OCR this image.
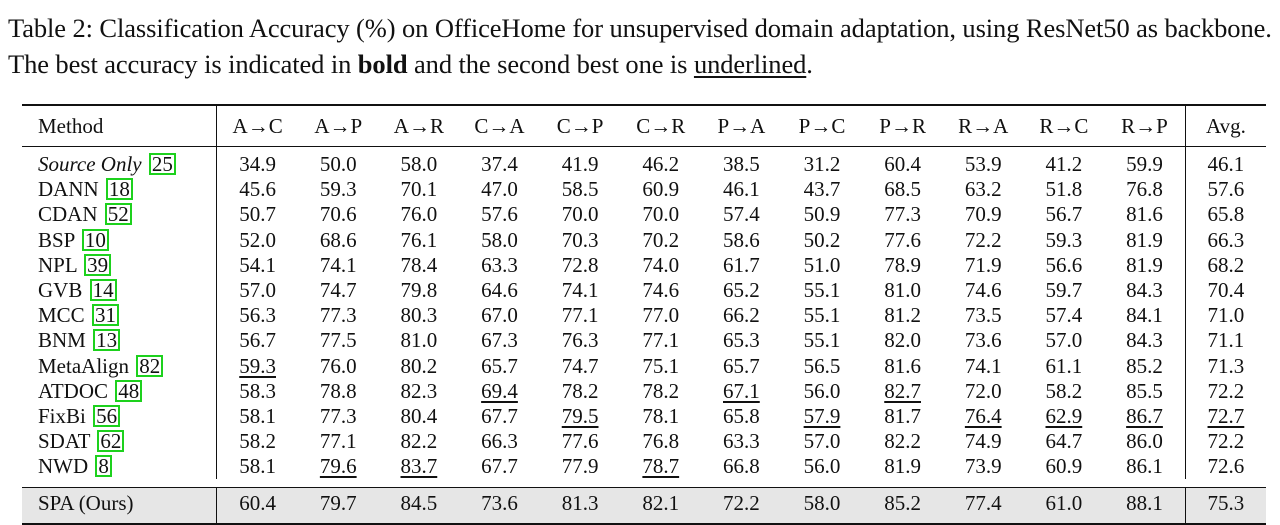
Table 2: Classification Accuracy (%) on OfficeHome for unsupervised domain adaptation, using ResNet50 as backbone. The best accuracy is indicated in bold and the second best one is underlined.
Method	A→C	A→P	A→R	C→A	C→P	C→R	P→A	P→C	P→R	R→A	R→C	R→P	Avg.
Source Only 25	34.9	50.0	58.0	37.4	41.9	46.2	38.5	31.2	60.4	53.9	41.2	59.9	46.1
DANN 18	45.6	59.3	70.1	47.0	58.5	60.9	46.1	43.7	68.5	63.2	51.8	76.8	57.6
CDAN 52	50.7	70.6	76.0	57.6	70.0	70.0	57.4	50.9	77.3	70.9	56.7	81.6	65.8
BSP 10	52.0	68.6	76.1	58.0	70.3	70.2	58.6	50.2	77.6	72.2	59.3	81.9	66.3
NPL 39	54.1	74.1	78.4	63.3	72.8	74.0	61.7	51.0	78.9	71.9	56.6	81.9	68.2
GVB 14	57.0	74.7	79.8	64.6	74.1	74.6	65.2	55.1	81.0	74.6	59.7	84.3	70.4
MCC 31	56.3	77.3	80.3	67.0	77.1	77.0	66.2	55.1	81.2	73.5	57.4	84.1	71.0
BNM 13	56.7	77.5	81.0	67.3	76.3	77.1	65.3	55.1	82.0	73.6	57.0	84.3	71.1
MetaAlign 82	59.3	76.0	80.2	65.7	74.7	75.1	65.7	56.5	81.6	74.1	61.1	85.2	71.3
ATDOC 48	58.3	78.8	82.3	69.4	78.2	78.2	67.1	56.0	82.7	72.0	58.2	85.5	72.2
FixBi 56	58.1	77.3	80.4	67.7	79.5	78.1	65.8	57.9	81.7	76.4	62.9	86.7	72.7
SDAT 62	58.2	77.1	82.2	66.3	77.6	76.8	63.3	57.0	82.2	74.9	64.7	86.0	72.2
NWD 8	58.1	79.6	83.7	67.7	77.9	78.7	66.8	56.0	81.9	73.9	60.9	86.1	72.6

SPA (Ours)	60.4	79.7	84.5	73.6	81.3	82.1	72.2	58.0	85.2	77.4	61.0	88.1	75.3
